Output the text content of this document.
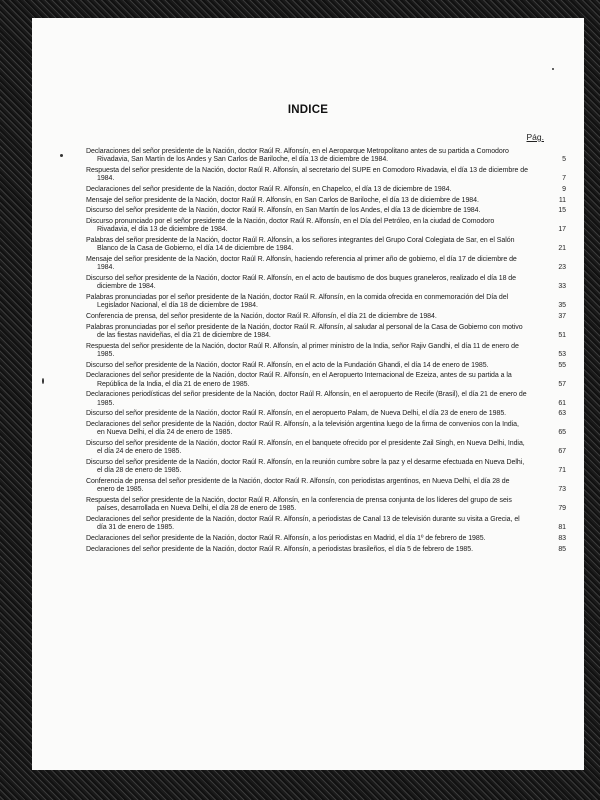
INDICE
Pág.
Declaraciones del señor presidente de la Nación, doctor Raúl R. Alfonsín, en el Aeroparque Metropolitano antes de su partida a Comodoro Rivadavia, San Martín de los Andes y San Carlos de Bariloche, el día 13 de diciembre de 1984.	5
Respuesta del señor presidente de la Nación, doctor Raúl R. Alfonsín, al secretario del SUPE en Comodoro Rivadavia, el día 13 de diciembre de 1984.	7
Declaraciones del señor presidente de la Nación, doctor Raúl R. Alfonsín, en Chapelco, el día 13 de diciembre de 1984.	9
Mensaje del señor presidente de la Nación, doctor Raúl R. Alfonsín, en San Carlos de Bariloche, el día 13 de diciembre de 1984.	11
Discurso del señor presidente de la Nación, doctor Raúl R. Alfonsín, en San Martín de los Andes, el día 13 de diciembre de 1984.	15
Discurso pronunciado por el señor presidente de la Nación, doctor Raúl R. Alfonsín, en el Día del Petróleo, en la ciudad de Comodoro Rivadavia, el día 13 de diciembre de 1984.	17
Palabras del señor presidente de la Nación, doctor Raúl R. Alfonsín, a los señores integrantes del Grupo Coral Colegiata de Sar, en el Salón Blanco de la Casa de Gobierno, el día 14 de diciembre de 1984.	21
Mensaje del señor presidente de la Nación, doctor Raúl R. Alfonsín, haciendo referencia al primer año de gobierno, el día 17 de diciembre de 1984.	23
Discurso del señor presidente de la Nación, doctor Raúl R. Alfonsín, en el acto de bautismo de dos buques graneleros, realizado el día 18 de diciembre de 1984.	33
Palabras pronunciadas por el señor presidente de la Nación, doctor Raúl R. Alfonsín, en la comida ofrecida en conmemoración del Día del Legislador Nacional, el día 18 de diciembre de 1984.	35
Conferencia de prensa, del señor presidente de la Nación, doctor Raúl R. Alfonsín, el día 21 de diciembre de 1984.	37
Palabras pronunciadas por el señor presidente de la Nación, doctor Raúl R. Alfonsín, al saludar al personal de la Casa de Gobierno con motivo de las fiestas navideñas, el día 21 de diciembre de 1984.	51
Respuesta del señor presidente de la Nación, doctor Raúl R. Alfonsín, al primer ministro de la India, señor Rajiv Gandhi, el día 11 de enero de 1985.	53
Discurso del señor presidente de la Nación, doctor Raúl R. Alfonsín, en el acto de la Fundación Ghandi, el día 14 de enero de 1985.	55
Declaraciones del señor presidente de la Nación, doctor Raúl R. Alfonsín, en el Aeropuerto Internacional de Ezeiza, antes de su partida a la República de la India, el día 21 de enero de 1985.	57
Declaraciones periodísticas del señor presidente de la Nación, doctor Raúl R. Alfonsín, en el aeropuerto de Recife (Brasil), el día 21 de enero de 1985.	61
Discurso del señor presidente de la Nación, doctor Raúl R. Alfonsín, en el aeropuerto Palam, de Nueva Delhi, el día 23 de enero de 1985.	63
Declaraciones del señor presidente de la Nación, doctor Raúl R. Alfonsín, a la televisión argentina luego de la firma de convenios con la India, en Nueva Delhi, el día 24 de enero de 1985.	65
Discurso del señor presidente de la Nación, doctor Raúl R. Alfonsín, en el banquete ofrecido por el presidente Zail Singh, en Nueva Delhi, India, el día 24 de enero de 1985.	67
Discurso del señor presidente de la Nación, doctor Raúl R. Alfonsín, en la reunión cumbre sobre la paz y el desarme efectuada en Nueva Delhi, el día 28 de enero de 1985.	71
Conferencia de prensa del señor presidente de la Nación, doctor Raúl R. Alfonsín, con periodistas argentinos, en Nueva Delhi, el día 28 de enero de 1985.	73
Respuesta del señor presidente de la Nación, doctor Raúl R. Alfonsín, en la conferencia de prensa conjunta de los líderes del grupo de seis países, desarrollada en Nueva Delhi, el día 28 de enero de 1985.	79
Declaraciones del señor presidente de la Nación, doctor Raúl R. Alfonsín, a periodistas de Canal 13 de televisión durante su visita a Grecia, el día 31 de enero de 1985.	81
Declaraciones del señor presidente de la Nación, doctor Raúl R. Alfonsín, a los periodistas en Madrid, el día 1º de febrero de 1985.	83
Declaraciones del señor presidente de la Nación, doctor Raúl R. Alfonsín, a periodistas brasileños, el día 5 de febrero de 1985.	85
